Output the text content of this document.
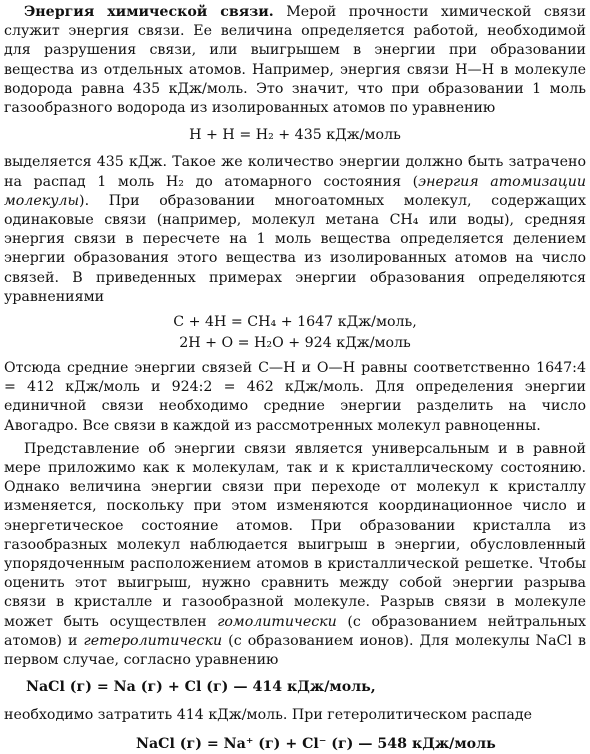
Энергия химической связи. Мерой прочности химической связи служит энергия связи. Ее величина определяется работой, необходимой для разрушения связи, или выигрышем в энергии при образовании вещества из отдельных атомов. Например, энергия связи Н—Н в молекуле водорода равна 435 кДж/моль. Это значит, что при образовании 1 моль газообразного водорода из изолированных атомов по уравнению

Н + Н = Н₂ + 435 кДж/моль

выделяется 435 кДж. Такое же количество энергии должно быть затрачено на распад 1 моль Н₂ до атомарного состояния (энергия атомизации молекулы). При образовании многоатомных молекул, содержащих одинаковые связи (например, молекул метана СН₄ или воды), средняя энергия связи в пересчете на 1 моль вещества определяется делением энергии образования этого вещества из изолированных атомов на число связей. В приведенных примерах энергии образования определяются уравнениями

С + 4Н = СН₄ + 1647 кДж/моль,

2Н + О = Н₂О + 924 кДж/моль

Отсюда средние энергии связей С—Н и О—Н равны соответственно 1647:4 = 412 кДж/моль и 924:2 = 462 кДж/моль. Для определения энергии единичной связи необходимо средние энергии разделить на число Авогадро. Все связи в каждой из рассмотренных молекул равноценны.

Представление об энергии связи является универсальным и в равной мере приложимо как к молекулам, так и к кристаллическому состоянию. Однако величина энергии связи при переходе от молекул к кристаллу изменяется, поскольку при этом изменяются координационное число и энергетическое состояние атомов. При образовании кристалла из газообразных молекул наблюдается выигрыш в энергии, обусловленный упорядоченным расположением атомов в кристаллической решетке. Чтобы оценить этот выигрыш, нужно сравнить между собой энергии разрыва связи в кристалле и газообразной молекуле. Разрыв связи в молекуле может быть осуществлен гомолитически (с образованием нейтральных атомов) и гетеролитически (с образованием ионов). Для молекулы NaCl в первом случае, согласно уравнению

NaCl (г) = Na (г) + Cl (г) — 414 кДж/моль,

необходимо затратить 414 кДж/моль. При гетеролитическом распаде

NaCl (г) = Na⁺ (г) + Cl⁻ (г) — 548 кДж/моль
